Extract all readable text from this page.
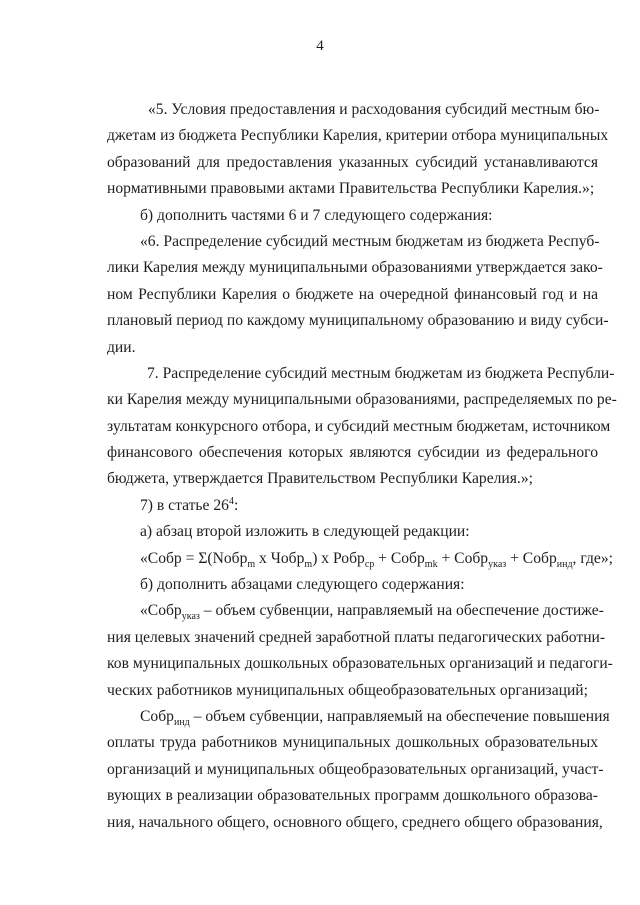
4
«5. Условия предоставления и расходования субсидий местным бю-
джетам из бюджета Республики Карелия, критерии отбора муниципальных
образований для предоставления указанных субсидий устанавливаются
нормативными правовыми актами Правительства Республики Карелия.»;
б) дополнить частями 6 и 7 следующего содержания:
«6. Распределение субсидий местным бюджетам из бюджета Респуб-
лики Карелия между муниципальными образованиями утверждается зако-
ном Республики Карелия о бюджете на очередной финансовый год и на
плановый период по каждому муниципальному образованию и виду субси-
дии.
7. Распределение субсидий местным бюджетам из бюджета Республи-
ки Карелия между муниципальными образованиями, распределяемых по ре-
зультатам конкурсного отбора, и субсидий местным бюджетам, источником
финансового обеспечения которых являются субсидии из федерального
бюджета, утверждается Правительством Республики Карелия.»;
7) в статье $26^4$:
а) абзац второй изложить в следующей редакции:
«Собр = Σ(Nобр$_m$ х Чобр$_m$) х Робр$_{ср}$ + Собр$_{mk}$ + Собр$_{указ}$ + Собр$_{инд}$, где»;
б) дополнить абзацами следующего содержания:
«Собр$_{указ}$ – объем субвенции, направляемый на обеспечение достиже-
ния целевых значений средней заработной платы педагогических работни-
ков муниципальных дошкольных образовательных организаций и педагоги-
ческих работников муниципальных общеобразовательных организаций;
Собр$_{инд}$ – объем субвенции, направляемый на обеспечение повышения
оплаты труда работников муниципальных дошкольных образовательных
организаций и муниципальных общеобразовательных организаций, участ-
вующих в реализации образовательных программ дошкольного образова-
ния, начального общего, основного общего, среднего общего образования,
